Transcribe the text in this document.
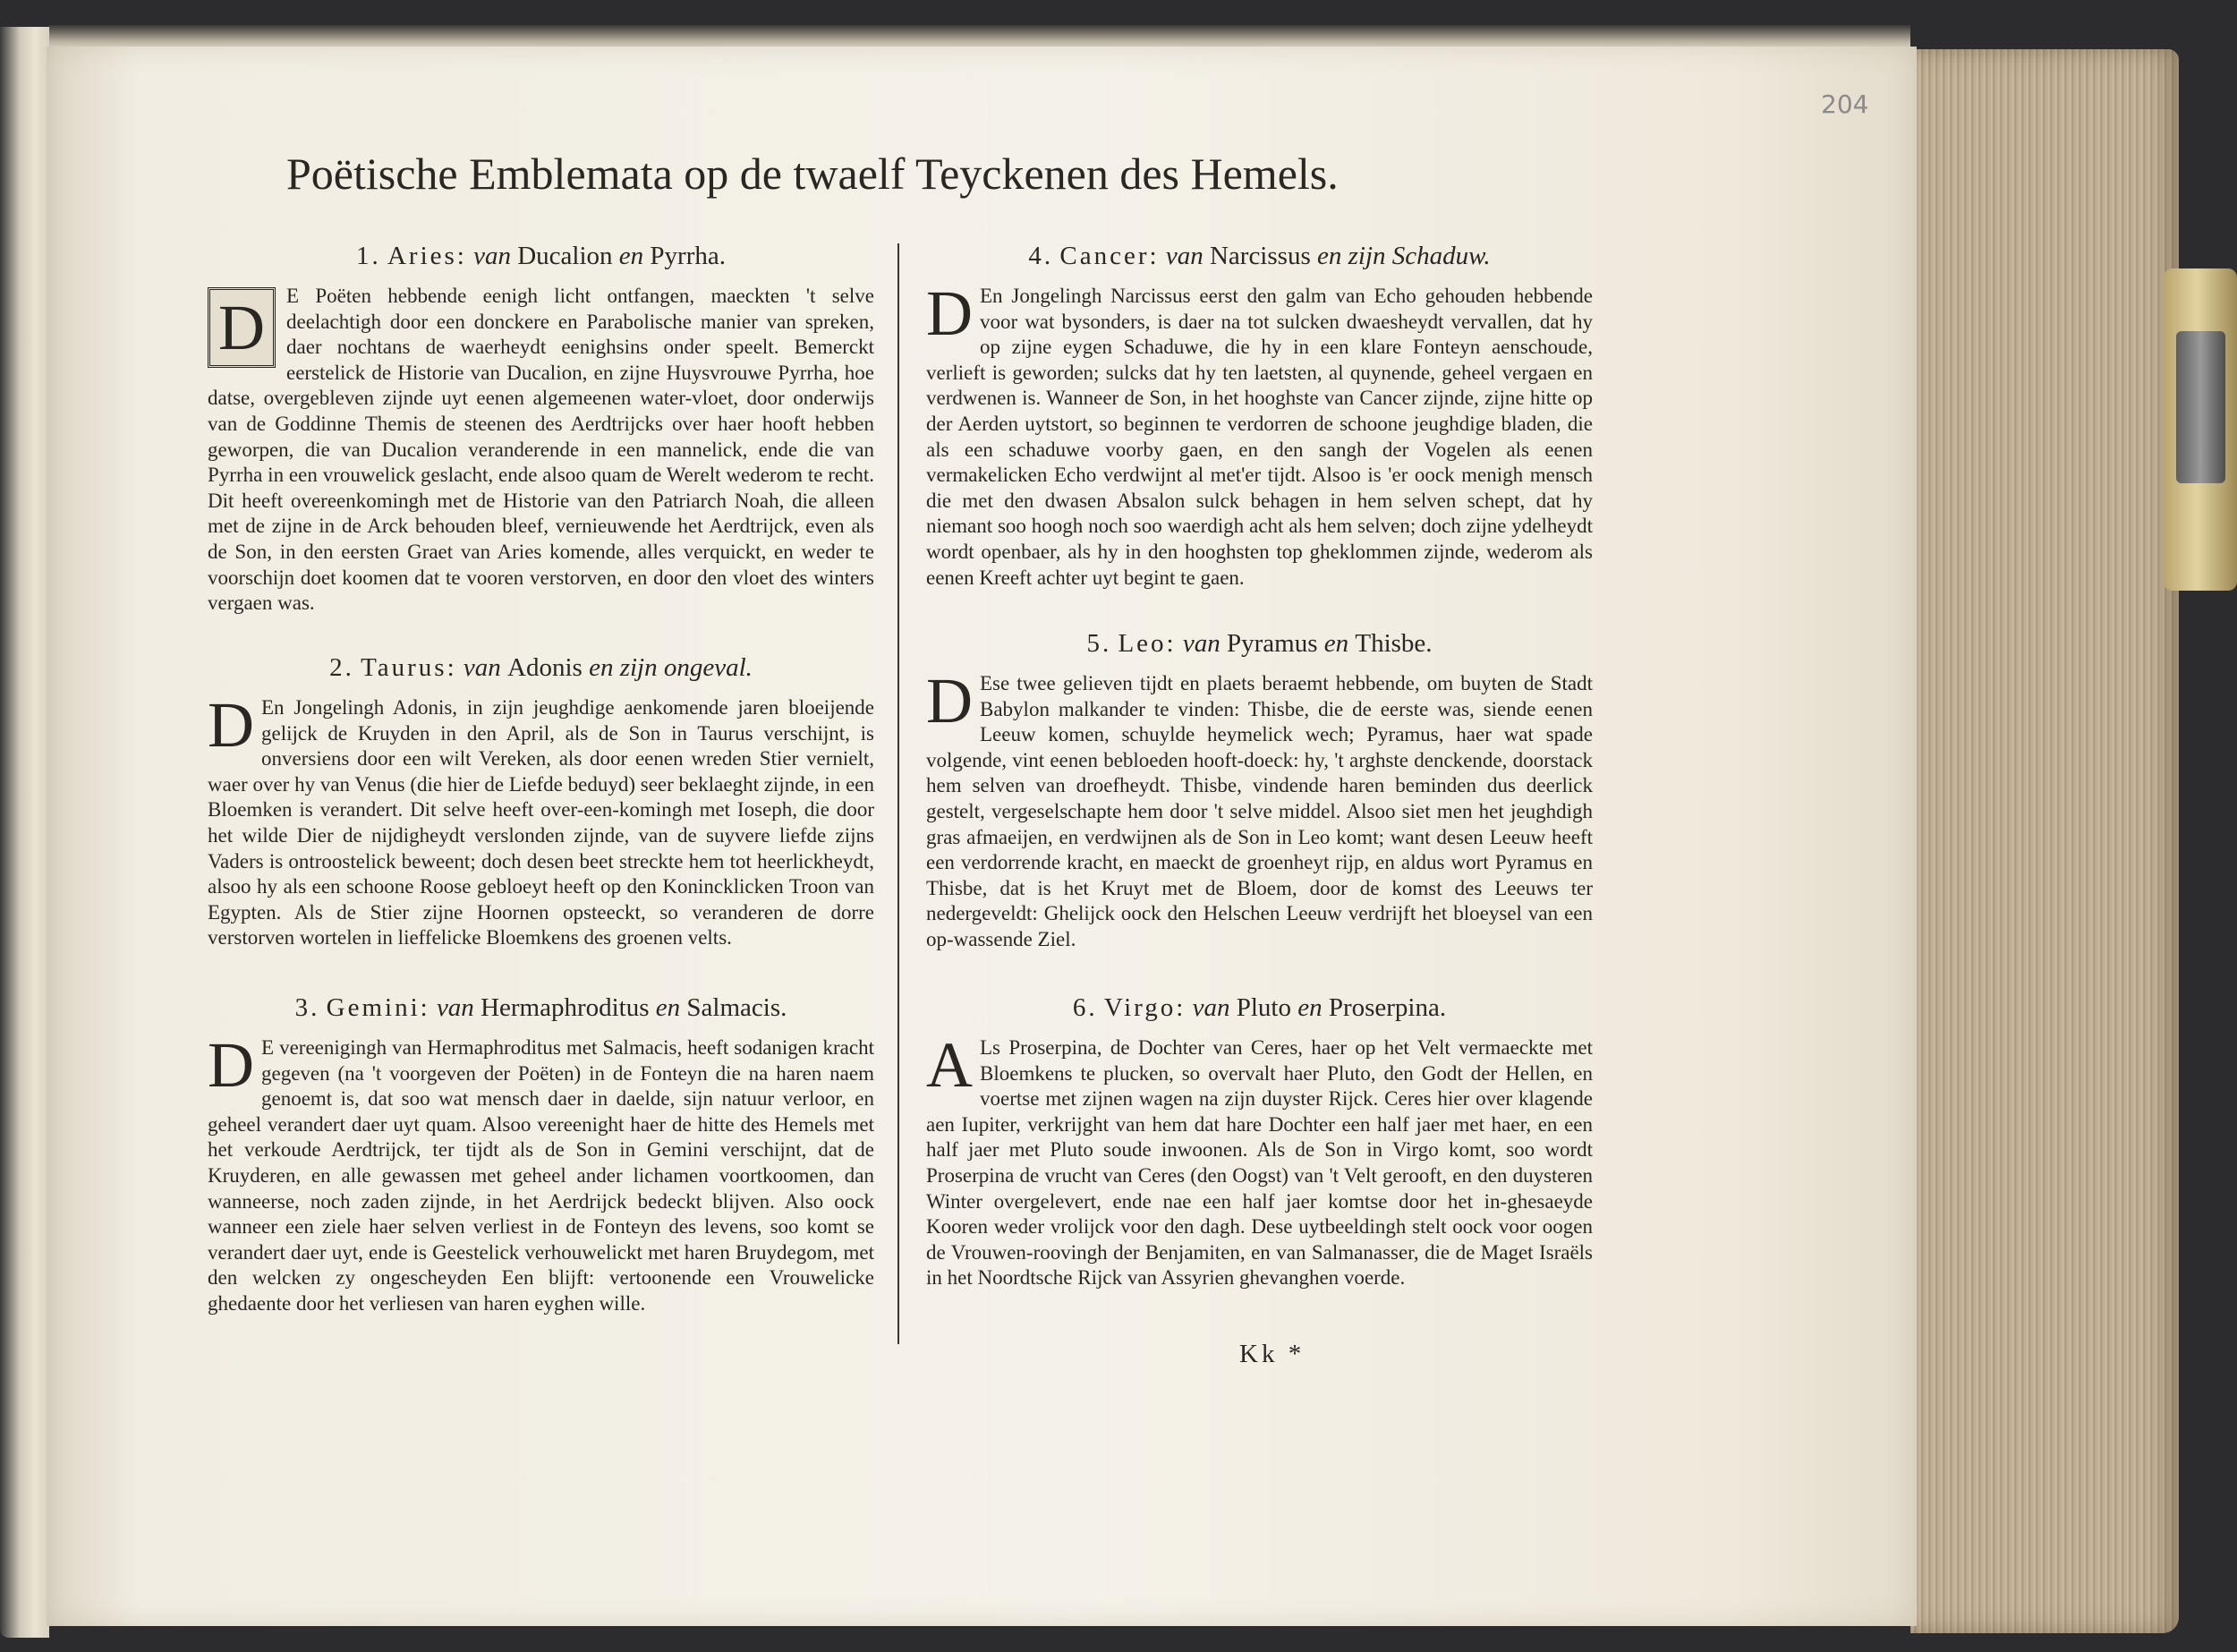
204
Poëtische Emblemata op de twaelf Teyckenen des Hemels.

1. Aries: van Ducalion en Pyrrha.

D	E Poëten hebbende eenigh licht ontfangen, maeckten 't selve deelachtigh door een donckere en Parabolische manier van spreken, daer nochtans de waerheydt eenighsins onder speelt. Bemerckt eerstelick de Historie van Ducalion, en zijne Huysvrouwe Pyrrha, hoe datse, overgebleven zijnde uyt eenen algemeenen water-vloet, door onderwijs van de Goddinne Themis de steenen des Aerdtrijcks over haer hooft hebben geworpen, die van Ducalion veranderende in een mannelick, ende die van Pyrrha in een vrouwelick geslacht, ende alsoo quam de Werelt wederom te recht. Dit heeft overeenkomingh met de Historie van den Patriarch Noah, die alleen met de zijne in de Arck behouden bleef, vernieuwende het Aerdtrijck, even als de Son, in den eersten Graet van Aries komende, alles verquickt, en weder te voorschijn doet koomen dat te vooren verstorven, en door den vloet des winters vergaen was.

2. Taurus: van Adonis en zijn ongeval.

D En Jongelingh Adonis, in zijn jeughdige aenkomende jaren bloeijende gelijck de Kruyden in den April, als de Son in Taurus verschijnt, is onversiens door een wilt Vereken, als door eenen wreden Stier vernielt, waer over hy van Venus (die hier de Liefde beduyd) seer beklaeght zijnde, in een Bloemken is verandert. Dit selve heeft over-een-komingh met Ioseph, die door het wilde Dier de nijdigheydt verslonden zijnde, van de suyvere liefde zijns Vaders is ontroostelick beweent; doch desen beet streckte hem tot heerlickheydt, alsoo hy als een schoone Roose gebloeyt heeft op den Konincklicken Troon van Egypten. Als de Stier zijne Hoornen opsteeckt, so veranderen de dorre verstorven wortelen in lieffelicke Bloemkens des groenen velts.

3. Gemini: van Hermaphroditus en Salmacis.

D E vereenigingh van Hermaphroditus met Salmacis, heeft sodanigen kracht gegeven (na 't voorgeven der Poëten) in de Fonteyn die na haren naem genoemt is, dat soo wat mensch daer in daelde, sijn natuur verloor, en geheel verandert daer uyt quam. Alsoo vereenight haer de hitte des Hemels met het verkoude Aerdtrijck, ter tijdt als de Son in Gemini verschijnt, dat de Kruyderen, en alle gewassen met geheel ander lichamen voortkoomen, dan wanneerse, noch zaden zijnde, in het Aerdrijck bedeckt blijven. Also oock wanneer een ziele haer selven verliest in de Fonteyn des levens, soo komt se verandert daer uyt, ende is Geestelick verhouwelickt met haren Bruydegom, met den welcken zy ongescheyden Een blijft: vertoonende een Vrouwelicke ghedaente door het verliesen van haren eyghen wille.

4. Cancer: van Narcissus en zijn Schaduw.

D En Jongelingh Narcissus eerst den galm van Echo gehouden hebbende voor wat bysonders, is daer na tot sulcken dwaesheydt vervallen, dat hy op zijne eygen Schaduwe, die hy in een klare Fonteyn aenschoude, verlieft is geworden; sulcks dat hy ten laetsten, al quynende, geheel vergaen en verdwenen is. Wanneer de Son, in het hooghste van Cancer zijnde, zijne hitte op der Aerden uytstort, so beginnen te verdorren de schoone jeughdige bladen, die als een schaduwe voorby gaen, en den sangh der Vogelen als eenen vermakelicken Echo verdwijnt al met'er tijdt. Alsoo is 'er oock menigh mensch die met den dwasen Absalon sulck behagen in hem selven schept, dat hy niemant soo hoogh noch soo waerdigh acht als hem selven; doch zijne ydelheydt wordt openbaer, als hy in den hooghsten top gheklommen zijnde, wederom als eenen Kreeft achter uyt begint te gaen.

5. Leo: van Pyramus en Thisbe.

D Ese twee gelieven tijdt en plaets beraemt hebbende, om buyten de Stadt Babylon malkander te vinden: Thisbe, die de eerste was, siende eenen Leeuw komen, schuylde heymelick wech; Pyramus, haer wat spade volgende, vint eenen bebloeden hooft-doeck: hy, 't arghste denckende, doorstack hem selven van droefheydt. Thisbe, vindende haren beminden dus deerlick gestelt, vergeselschapte hem door 't selve middel. Alsoo siet men het jeughdigh gras afmaeijen, en verdwijnen als de Son in Leo komt; want desen Leeuw heeft een verdorrende kracht, en maeckt de groenheyt rijp, en aldus wort Pyramus en Thisbe, dat is het Kruyt met de Bloem, door de komst des Leeuws ter nedergeveldt: Ghelijck oock den Helschen Leeuw verdrijft het bloeysel van een op-wassende Ziel.

6. Virgo: van Pluto en Proserpina.

A Ls Proserpina, de Dochter van Ceres, haer op het Velt vermaeckte met Bloemkens te plucken, so overvalt haer Pluto, den Godt der Hellen, en voertse met zijnen wagen na zijn duyster Rijck. Ceres hier over klagende aen Iupiter, verkrijght van hem dat hare Dochter een half jaer met haer, en een half jaer met Pluto soude inwoonen. Als de Son in Virgo komt, soo wordt Proserpina de vrucht van Ceres (den Oogst) van 't Velt gerooft, en den duysteren Winter overgelevert, ende nae een half jaer komtse door het in-ghesaeyde Kooren weder vrolijck voor den dagh. Dese uytbeeldingh stelt oock voor oogen de Vrouwen-roovingh der Benjamiten, en van Salmanasser, die de Maget Israëls in het Noordtsche Rijck van Assyrien ghevanghen voerde.

Kk *
